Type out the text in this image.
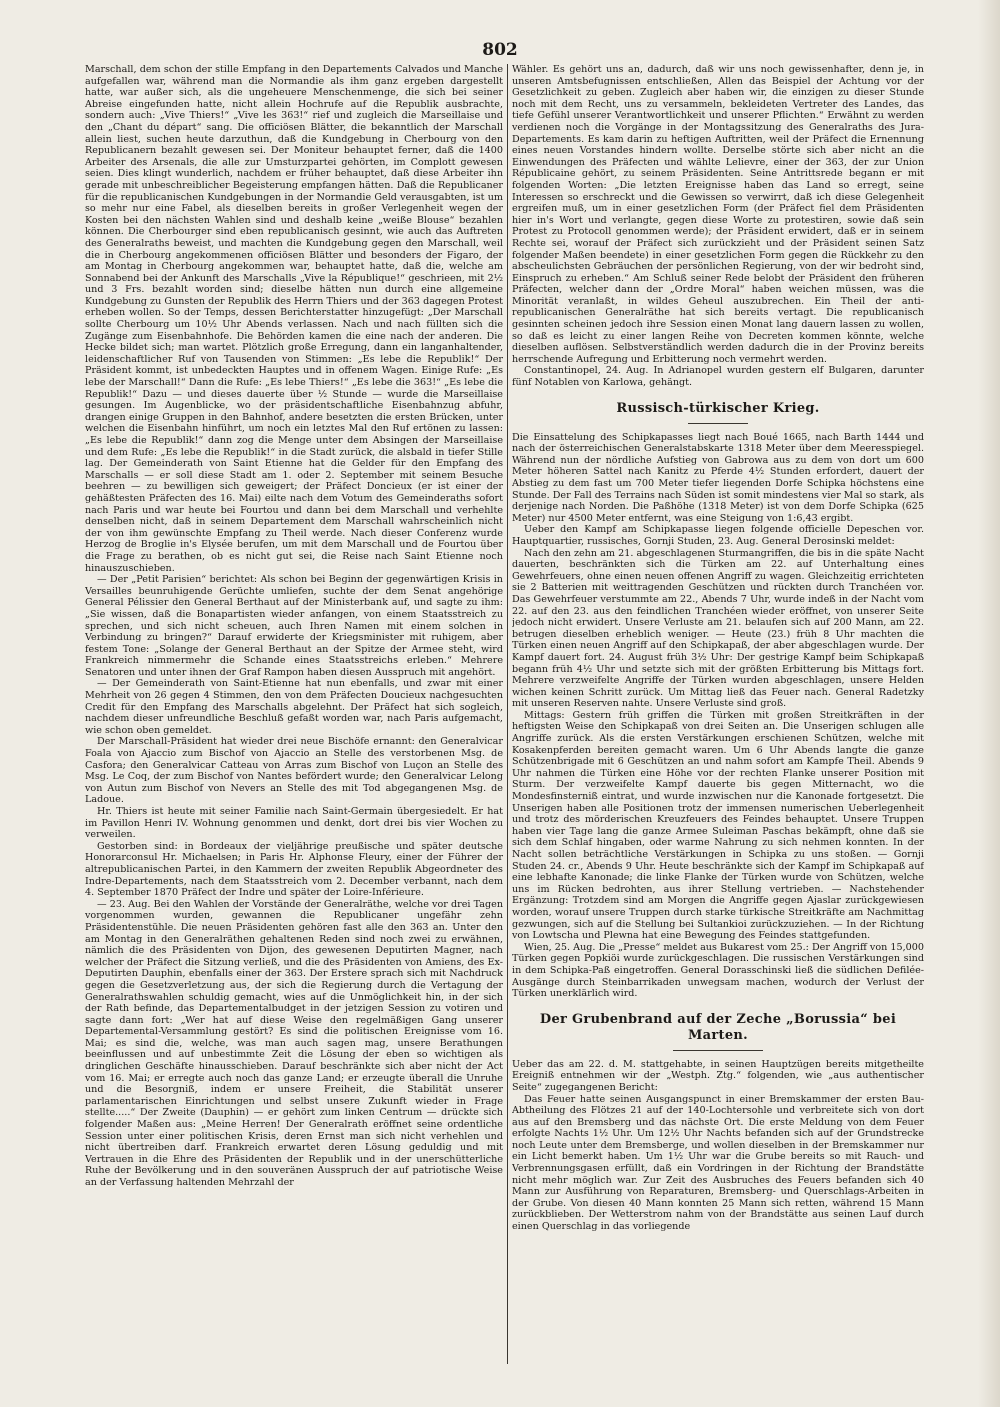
802

Marschall, dem schon der stille Empfang in den Departements Calvados und Manche aufgefallen war, während man die Normandie als ihm ganz ergeben dargestellt hatte, war außer sich, als die ungeheuere Menschenmenge, die sich bei seiner Abreise eingefunden hatte, nicht allein Hochrufe auf die Republik ausbrachte, sondern auch: „Vive Thiers!“ „Vive les 363!“ rief und zugleich die Marseillaise und den „Chant du départ“ sang. Die officiösen Blätter, die bekanntlich der Marschall allein liest, suchen heute darzuthun, daß die Kundgebung in Cherbourg von den Republicanern bezahlt gewesen sei. Der Moniteur behauptet ferner, daß die 1400 Arbeiter des Arsenals, die alle zur Umsturzpartei gehörten, im Complott gewesen seien. Dies klingt wunderlich, nachdem er früher behauptet, daß diese Arbeiter ihn gerade mit unbeschreiblicher Begeisterung empfangen hätten. Daß die Republicaner für die republicanischen Kundgebungen in der Normandie Geld verausgabten, ist um so mehr nur eine Fabel, als dieselben bereits in großer Verlegenheit wegen der Kosten bei den nächsten Wahlen sind und deshalb keine „weiße Blouse“ bezahlen können. Die Cherbourger sind eben republicanisch gesinnt, wie auch das Auftreten des Generalraths beweist, und machten die Kundgebung gegen den Marschall, weil die in Cherbourg angekommenen officiösen Blätter und besonders der Figaro, der am Montag in Cherbourg angekommen war, behauptet hatte, daß die, welche am Sonnabend bei der Ankunft des Marschalls „Vive la République!“ geschrieen, mit 2½ und 3 Frs. bezahlt worden sind; dieselbe hätten nun durch eine allgemeine Kundgebung zu Gunsten der Republik des Herrn Thiers und der 363 dagegen Protest erheben wollen. So der Temps, dessen Berichterstatter hinzugefügt: „Der Marschall sollte Cherbourg um 10½ Uhr Abends verlassen. Nach und nach füllten sich die Zugänge zum Eisenbahnhofe. Die Behörden kamen die eine nach der anderen. Die Hecke bildet sich; man wartet. Plötzlich große Erregung, dann ein langanhaltender, leidenschaftlicher Ruf von Tausenden von Stimmen: „Es lebe die Republik!“ Der Präsident kommt, ist unbedeckten Hauptes und in offenem Wagen. Einige Rufe: „Es lebe der Marschall!“ Dann die Rufe: „Es lebe Thiers!“ „Es lebe die 363!“ „Es lebe die Republik!“ Dazu — und dieses dauerte über ½ Stunde — wurde die Marseillaise gesungen. Im Augenblicke, wo der präsidentschaftliche Eisenbahnzug abfuhr, drangen einige Gruppen in den Bahnhof, andere besetzten die ersten Brücken, unter welchen die Eisenbahn hinführt, um noch ein letztes Mal den Ruf ertönen zu lassen: „Es lebe die Republik!“ dann zog die Menge unter dem Absingen der Marseillaise und dem Rufe: „Es lebe die Republik!“ in die Stadt zurück, die alsbald in tiefer Stille lag. Der Gemeinderath von Saint Etienne hat die Gelder für den Empfang des Marschalls — er soll diese Stadt am 1. oder 2. September mit seinem Besuche beehren — zu bewilligen sich geweigert; der Präfect Doncieux (er ist einer der gehäßtesten Präfecten des 16. Mai) eilte nach dem Votum des Gemeinderaths sofort nach Paris und war heute bei Fourtou und dann bei dem Marschall und verhehlte denselben nicht, daß in seinem Departement dem Marschall wahrscheinlich nicht der von ihm gewünschte Empfang zu Theil werde. Nach dieser Conferenz wurde Herzog de Broglie in's Elysée berufen, um mit dem Marschall und de Fourtou über die Frage zu berathen, ob es nicht gut sei, die Reise nach Saint Etienne noch hinauszuschieben.

— Der „Petit Parisien“ berichtet: Als schon bei Beginn der gegenwärtigen Krisis in Versailles beunruhigende Gerüchte umliefen, suchte der dem Senat angehörige General Pélissier den General Berthaut auf der Ministerbank auf, und sagte zu ihm: „Sie wissen, daß die Bonapartisten wieder anfangen, von einem Staatsstreich zu sprechen, und sich nicht scheuen, auch Ihren Namen mit einem solchen in Verbindung zu bringen?“ Darauf erwiderte der Kriegsminister mit ruhigem, aber festem Tone: „Solange der General Berthaut an der Spitze der Armee steht, wird Frankreich nimmermehr die Schande eines Staatsstreichs erleben.“ Mehrere Senatoren und unter ihnen der Graf Rampon haben diesen Ausspruch mit angehört.

— Der Gemeinderath von Saint-Etienne hat nun ebenfalls, und zwar mit einer Mehrheit von 26 gegen 4 Stimmen, den von dem Präfecten Doucieux nachgesuchten Credit für den Empfang des Marschalls abgelehnt. Der Präfect hat sich sogleich, nachdem dieser unfreundliche Beschluß gefaßt worden war, nach Paris aufgemacht, wie schon oben gemeldet.

Der Marschall-Präsident hat wieder drei neue Bischöfe ernannt: den Generalvicar Foala von Ajaccio zum Bischof von Ajaccio an Stelle des verstorbenen Msg. de Casfora; den Generalvicar Catteau von Arras zum Bischof von Luçon an Stelle des Msg. Le Coq, der zum Bischof von Nantes befördert wurde; den Generalvicar Lelong von Autun zum Bischof von Nevers an Stelle des mit Tod abgegangenen Msg. de Ladoue.

Hr. Thiers ist heute mit seiner Familie nach Saint-Germain übergesiedelt. Er hat im Pavillon Henri IV. Wohnung genommen und denkt, dort drei bis vier Wochen zu verweilen.

Gestorben sind: in Bordeaux der vieljährige preußische und später deutsche Honorarconsul Hr. Michaelsen; in Paris Hr. Alphonse Fleury, einer der Führer der altrepublicanischen Partei, in den Kammern der zweiten Republik Abgeordneter des Indre-Departements, nach dem Staatsstreich vom 2. December verbannt, nach dem 4. September 1870 Präfect der Indre und später der Loire-Inférieure.

— 23. Aug. Bei den Wahlen der Vorstände der Generalräthe, welche vor drei Tagen vorgenommen wurden, gewannen die Republicaner ungefähr zehn Präsidentenstühle. Die neuen Präsidenten gehören fast alle den 363 an. Unter den am Montag in den Generalräthen gehaltenen Reden sind noch zwei zu erwähnen, nämlich die des Präsidenten von Dijon, des gewesenen Deputirten Magner, nach welcher der Präfect die Sitzung verließ, und die des Präsidenten von Amiens, des Ex-Deputirten Dauphin, ebenfalls einer der 363. Der Erstere sprach sich mit Nachdruck gegen die Gesetzverletzung aus, der sich die Regierung durch die Vertagung der Generalrathswahlen schuldig gemacht, wies auf die Unmöglichkeit hin, in der sich der Rath befinde, das Departementalbudget in der jetzigen Session zu votiren und sagte dann fort: „Wer hat auf diese Weise den regelmäßigen Gang unserer Departemental-Versammlung gestört? Es sind die politischen Ereignisse vom 16. Mai; es sind die, welche, was man auch sagen mag, unsere Berathungen beeinflussen und auf unbestimmte Zeit die Lösung der eben so wichtigen als dringlichen Geschäfte hinausschieben. Darauf beschränkte sich aber nicht der Act vom 16. Mai; er erregte auch noch das ganze Land; er erzeugte überall die Unruhe und die Besorgniß, indem er unsere Freiheit, die Stabilität unserer parlamentarischen Einrichtungen und selbst unsere Zukunft wieder in Frage stellte.....“ Der Zweite (Dauphin) — er gehört zum linken Centrum — drückte sich folgender Maßen aus: „Meine Herren! Der Generalrath eröffnet seine ordentliche Session unter einer politischen Krisis, deren Ernst man sich nicht verhehlen und nicht übertreiben darf. Frankreich erwartet deren Lösung geduldig und mit Vertrauen in die Ehre des Präsidenten der Republik und in der unerschütterliche Ruhe der Bevölkerung und in den souveränen Ausspruch der auf patriotische Weise an der Verfassung haltenden Mehrzahl der

Wähler. Es gehört uns an, dadurch, daß wir uns noch gewissenhafter, denn je, in unseren Amtsbefugnissen entschließen, Allen das Beispiel der Achtung vor der Gesetzlichkeit zu geben. Zugleich aber haben wir, die einzigen zu dieser Stunde noch mit dem Recht, uns zu versammeln, bekleideten Vertreter des Landes, das tiefe Gefühl unserer Verantwortlichkeit und unserer Pflichten.“ Erwähnt zu werden verdienen noch die Vorgänge in der Montagssitzung des Generalraths des Jura-Departements. Es kam darin zu heftigen Auftritten, weil der Präfect die Ernennung eines neuen Vorstandes hindern wollte. Derselbe störte sich aber nicht an die Einwendungen des Präfecten und wählte Lelievre, einer der 363, der zur Union Républicaine gehört, zu seinem Präsidenten. Seine Antrittsrede begann er mit folgenden Worten: „Die letzten Ereignisse haben das Land so erregt, seine Interessen so erschreckt und die Gewissen so verwirrt, daß ich diese Gelegenheit ergreifen muß, um in einer gesetzlichen Form (der Präfect fiel dem Präsidenten hier in's Wort und verlangte, gegen diese Worte zu protestiren, sowie daß sein Protest zu Protocoll genommen werde); der Präsident erwidert, daß er in seinem Rechte sei, worauf der Präfect sich zurückzieht und der Präsident seinen Satz folgender Maßen beendete) in einer gesetzlichen Form gegen die Rückkehr zu den abscheulichsten Gebräuchen der persönlichen Regierung, von der wir bedroht sind, Einspruch zu erheben.“ Am Schluß seiner Rede belobt der Präsident den früheren Präfecten, welcher dann der „Ordre Moral“ haben weichen müssen, was die Minorität veranlaßt, in wildes Geheul auszubrechen. Ein Theil der anti-republicanischen Generalräthe hat sich bereits vertagt. Die republicanisch gesinnten scheinen jedoch ihre Session einen Monat lang dauern lassen zu wollen, so daß es leicht zu einer langen Reihe von Decreten kommen könnte, welche dieselben auflösen. Selbstverständlich werden dadurch die in der Provinz bereits herrschende Aufregung und Erbitterung noch vermehrt werden.

Constantinopel, 24. Aug. In Adrianopel wurden gestern elf Bulgaren, darunter fünf Notablen von Karlowa, gehängt.

Russisch-türkischer Krieg.

Die Einsattelung des Schipkapasses liegt nach Boué 1665, nach Barth 1444 und nach der österreichischen Generalstabskarte 1318 Meter über dem Meeresspiegel. Während nun der nördliche Aufstieg von Gabrowa aus zu dem von dort um 600 Meter höheren Sattel nach Kanitz zu Pferde 4½ Stunden erfordert, dauert der Abstieg zu dem fast um 700 Meter tiefer liegenden Dorfe Schipka höchstens eine Stunde. Der Fall des Terrains nach Süden ist somit mindestens vier Mal so stark, als derjenige nach Norden. Die Paßhöhe (1318 Meter) ist von dem Dorfe Schipka (625 Meter) nur 4500 Meter entfernt, was eine Steigung von 1:6,43 ergibt.

Ueber den Kampf am Schipkapasse liegen folgende officielle Depeschen vor. Hauptquartier, russisches, Gornji Studen, 23. Aug. General Derosinski meldet:

Nach den zehn am 21. abgeschlagenen Sturmangriffen, die bis in die späte Nacht dauerten, beschränkten sich die Türken am 22. auf Unterhaltung eines Gewehrfeuers, ohne einen neuen offenen Angriff zu wagen. Gleichzeitig errichteten sie 2 Batterien mit weittragenden Geschützen und rückten durch Tranchéen vor. Das Gewehrfeuer verstummte am 22., Abends 7 Uhr, wurde indeß in der Nacht vom 22. auf den 23. aus den feindlichen Tranchéen wieder eröffnet, von unserer Seite jedoch nicht erwidert. Unsere Verluste am 21. belaufen sich auf 200 Mann, am 22. betrugen dieselben erheblich weniger. — Heute (23.) früh 8 Uhr machten die Türken einen neuen Angriff auf den Schipkapaß, der aber abgeschlagen wurde. Der Kampf dauert fort. 24. August früh 3½ Uhr: Der gestrige Kampf beim Schipkapaß begann früh 4½ Uhr und setzte sich mit der größten Erbitterung bis Mittags fort. Mehrere verzweifelte Angriffe der Türken wurden abgeschlagen, unsere Helden wichen keinen Schritt zurück. Um Mittag ließ das Feuer nach. General Radetzky mit unseren Reserven nahte. Unsere Verluste sind groß.

Mittags: Gestern früh griffen die Türken mit großen Streitkräften in der heftigsten Weise den Schipkapaß von drei Seiten an. Die Unserigen schlugen alle Angriffe zurück. Als die ersten Verstärkungen erschienen Schützen, welche mit Kosakenpferden bereiten gemacht waren. Um 6 Uhr Abends langte die ganze Schützenbrigade mit 6 Geschützen an und nahm sofort am Kampfe Theil. Abends 9 Uhr nahmen die Türken eine Höhe vor der rechten Flanke unserer Position mit Sturm. Der verzweifelte Kampf dauerte bis gegen Mitternacht, wo die Mondesfinsterniß eintrat, und wurde inzwischen nur die Kanonade fortgesetzt. Die Unserigen haben alle Positionen trotz der immensen numerischen Ueberlegenheit und trotz des mörderischen Kreuzfeuers des Feindes behauptet. Unsere Truppen haben vier Tage lang die ganze Armee Suleiman Paschas bekämpft, ohne daß sie sich dem Schlaf hingaben, oder warme Nahrung zu sich nehmen konnten. In der Nacht sollen beträchtliche Verstärkungen in Schipka zu uns stoßen. — Gornji Studen 24. cr., Abends 9 Uhr. Heute beschränkte sich der Kampf im Schipkapaß auf eine lebhafte Kanonade; die linke Flanke der Türken wurde von Schützen, welche uns im Rücken bedrohten, aus ihrer Stellung vertrieben. — Nachstehender Ergänzung: Trotzdem sind am Morgen die Angriffe gegen Ajaslar zurückgewiesen worden, worauf unsere Truppen durch starke türkische Streitkräfte am Nachmittag gezwungen, sich auf die Stellung bei Sultankioi zurückzuziehen. — In der Richtung von Lowtscha und Plewna hat eine Bewegung des Feindes stattgefunden.

Wien, 25. Aug. Die „Presse“ meldet aus Bukarest vom 25.: Der Angriff von 15,000 Türken gegen Popkiöi wurde zurückgeschlagen. Die russischen Verstärkungen sind in dem Schipka-Paß eingetroffen. General Dorasschinski ließ die südlichen Defilée-Ausgänge durch Steinbarrikaden unwegsam machen, wodurch der Verlust der Türken unerklärlich wird.

Der Grubenbrand auf der Zeche „Borussia“ bei Marten.

Ueber das am 22. d. M. stattgehabte, in seinen Hauptzügen bereits mitgetheilte Ereigniß entnehmen wir der „Westph. Ztg.“ folgenden, wie „aus authentischer Seite“ zugegangenen Bericht:

Das Feuer hatte seinen Ausgangspunct in einer Bremskammer der ersten Bau-Abtheilung des Flötzes 21 auf der 140-Lochtersohle und verbreitete sich von dort aus auf den Bremsberg und das nächste Ort. Die erste Meldung von dem Feuer erfolgte Nachts 1½ Uhr. Um 12½ Uhr Nachts befanden sich auf der Grundstrecke noch Leute unter dem Bremsberge, und wollen dieselben in der Bremskammer nur ein Licht bemerkt haben. Um 1½ Uhr war die Grube bereits so mit Rauch- und Verbrennungsgasen erfüllt, daß ein Vordringen in der Richtung der Brandstätte nicht mehr möglich war. Zur Zeit des Ausbruches des Feuers befanden sich 40 Mann zur Ausführung von Reparaturen, Bremsberg- und Querschlags-Arbeiten in der Grube. Von diesen 40 Mann konnten 25 Mann sich retten, während 15 Mann zurückblieben. Der Wetterstrom nahm von der Brandstätte aus seinen Lauf durch einen Querschlag in das vorliegende
